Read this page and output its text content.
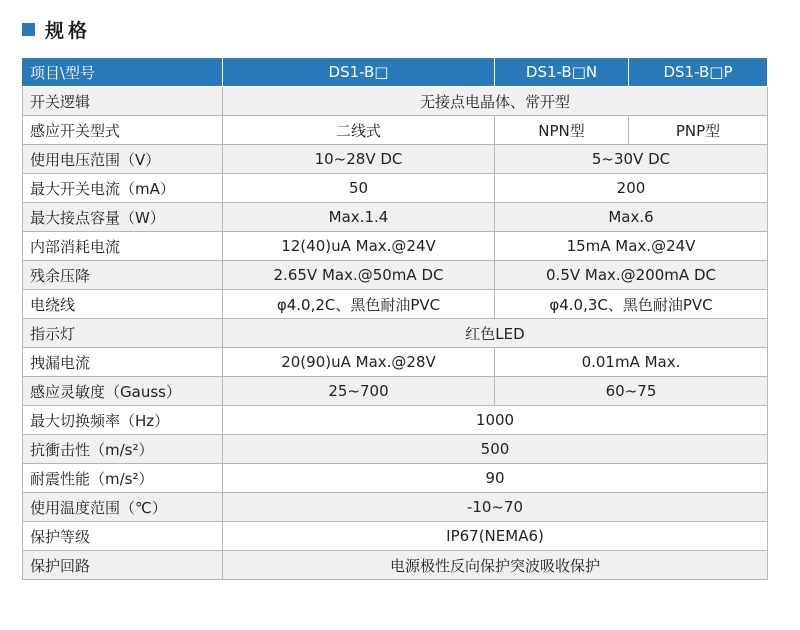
规格
项目\型号	DS1-B□	DS1-B□N	DS1-B□P
开关逻辑	无接点电晶体、常开型		
感应开关型式	二线式	NPN型	PNP型
使用电压范围（V）	10~28V DC	5~30V DC	
最大开关电流（mA）	50	200	
最大接点容量（W）	Max.1.4	Max.6	
内部消耗电流	12(40)uA Max.@24V	15mA Max.@24V	
残余压降	2.65V Max.@50mA DC	0.5V Max.@200mA DC	
电绕线	φ4.0,2C、黑色耐油PVC	φ4.0,3C、黑色耐油PVC	
指示灯	红色LED		
拽漏电流	20(90)uA Max.@28V	0.01mA Max.	
感应灵敏度（Gauss）	25~700	60~75	
最大切换频率（Hz）	1000		
抗衝击性（m/s²）	500		
耐震性能（m/s²）	90		
使用温度范围（℃）	-10~70		
保护等级	IP67(NEMA6)		
保护回路	电源极性反向保护突波吸收保护		
